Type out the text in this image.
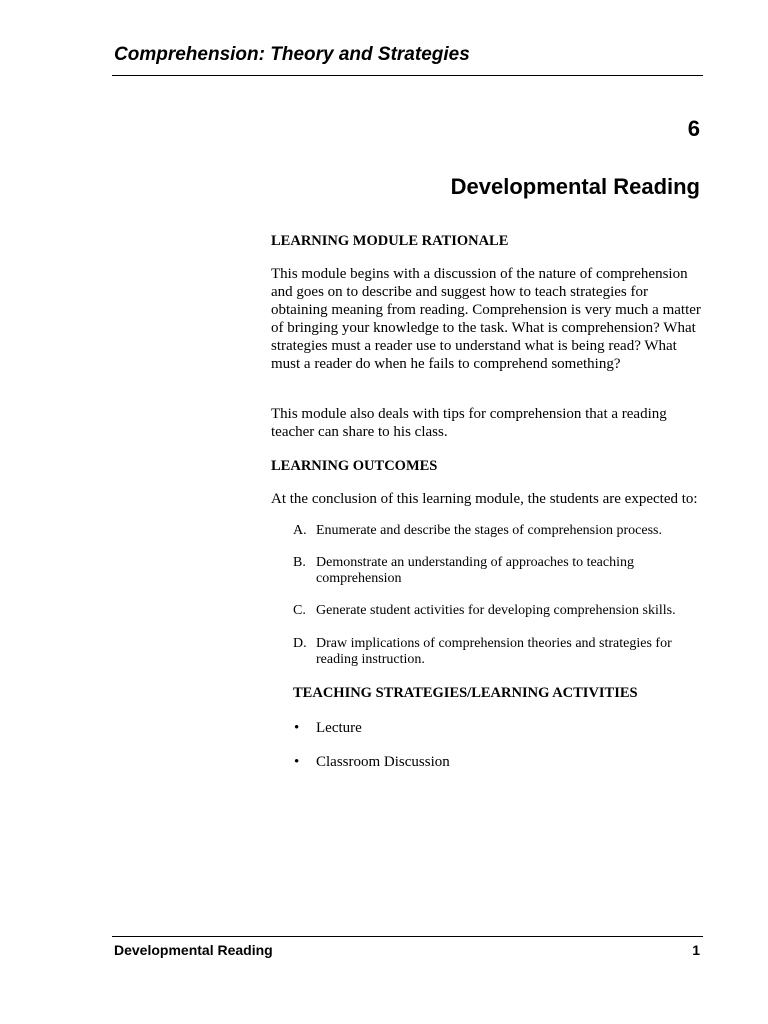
Comprehension: Theory and Strategies
6
Developmental Reading

LEARNING MODULE RATIONALE

This module begins with a discussion of the nature of comprehension and goes on to describe and suggest how to teach strategies for obtaining meaning from reading. Comprehension is very much a matter of bringing your knowledge to the task. What is comprehension? What strategies must a reader use to understand what is being read? What must a reader do when he fails to comprehend something?

This module also deals with tips for comprehension that a reading teacher can share to his class.

LEARNING OUTCOMES

At the conclusion of this learning module, the students are expected to:

A. Enumerate and describe the stages of comprehension process.
B. Demonstrate an understanding of approaches to teaching comprehension
C. Generate student activities for developing comprehension skills.
D. Draw implications of comprehension theories and strategies for reading instruction.
TEACHING STRATEGIES/LEARNING ACTIVITIES
• Lecture
• Classroom Discussion
Developmental Reading	1
